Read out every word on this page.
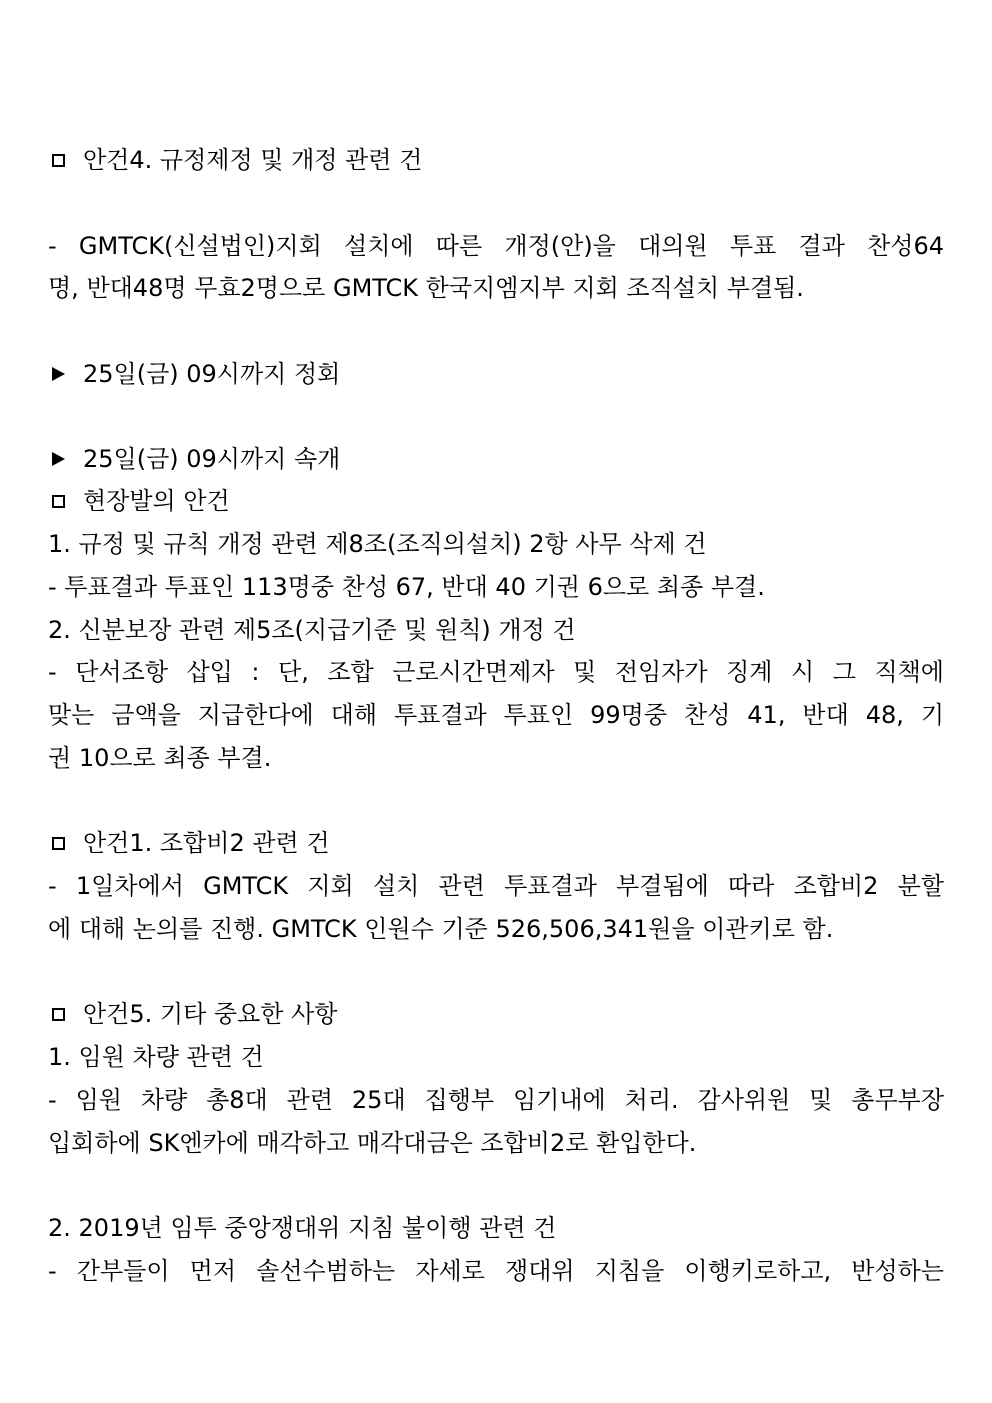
안건4. 규정제정 및 개정 관련 건
- GMTCK(신설법인)지회 설치에 따른 개정(안)을 대의원 투표 결과 찬성64
명, 반대48명 무효2명으로 GMTCK 한국지엠지부 지회 조직설치 부결됨.
25일(금) 09시까지 정회
25일(금) 09시까지 속개
현장발의 안건
1. 규정 및 규칙 개정 관련 제8조(조직의설치) 2항 사무 삭제 건
- 투표결과 투표인 113명중 찬성 67, 반대 40 기권 6으로 최종 부결.
2. 신분보장 관련 제5조(지급기준 및 원칙) 개정 건
- 단서조항 삽입 : 단, 조합 근로시간면제자 및 전임자가 징계 시 그 직책에
맞는 금액을 지급한다에 대해 투표결과 투표인 99명중 찬성 41, 반대 48, 기
권 10으로 최종 부결.
안건1. 조합비2 관련 건
- 1일차에서 GMTCK 지회 설치 관련 투표결과 부결됨에 따라 조합비2 분할
에 대해 논의를 진행. GMTCK 인원수 기준 526,506,341원을 이관키로 함.
안건5. 기타 중요한 사항
1. 임원 차량 관련 건
- 임원 차량 총8대 관련 25대 집행부 임기내에 처리. 감사위원 및 총무부장
입회하에 SK엔카에 매각하고 매각대금은 조합비2로 환입한다.
2. 2019년 임투 중앙쟁대위 지침 불이행 관련 건
- 간부들이 먼저 솔선수범하는 자세로 쟁대위 지침을 이행키로하고, 반성하는
